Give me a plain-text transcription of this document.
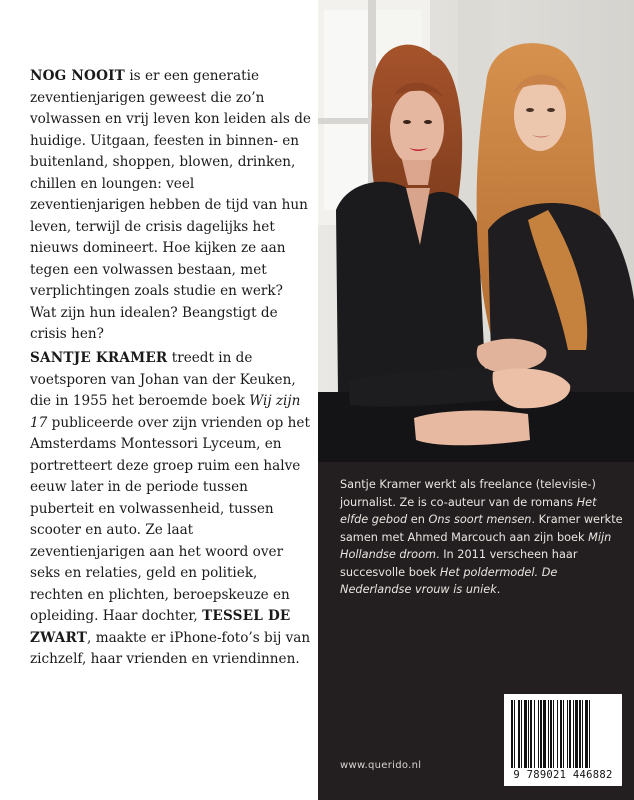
NOG NOOIT is er een generatie zeventienjarigen geweest die zo’n volwassen en vrij leven kon leiden als de huidige. Uitgaan, feesten in binnen- en buitenland, shoppen, blowen, drinken, chillen en loungen: veel zeventienjarigen hebben de tijd van hun leven, terwijl de crisis dagelijks het nieuws domineert. Hoe kijken ze aan tegen een volwassen bestaan, met verplichtingen zoals studie en werk? Wat zijn hun idealen? Beangstigt de crisis hen?

SANTJE KRAMER treedt in de voetsporen van Johan van der Keuken, die in 1955 het beroemde boek Wij zijn 17 publiceerde over zijn vrienden op het Amsterdams Montessori Lyceum, en portretteert deze groep ruim een halve eeuw later in de periode tussen puberteit en volwassenheid, tussen scooter en auto. Ze laat zeventienjarigen aan het woord over seks en relaties, geld en politiek, rechten en plichten, beroepskeuze en opleiding. Haar dochter, TESSEL DE ZWART, maakte er iPhone-foto’s bij van zichzelf, haar vrienden en vriendinnen.

Santje Kramer werkt als freelance (televisie-) journalist. Ze is co-auteur van de romans Het elfde gebod en Ons soort mensen. Kramer werkte samen met Ahmed Marcouch aan zijn boek Mijn Hollandse droom. In 2011 verscheen haar succesvolle boek Het poldermodel. De Nederlandse vrouw is uniek.

www.querido.nl
9 789021 446882
